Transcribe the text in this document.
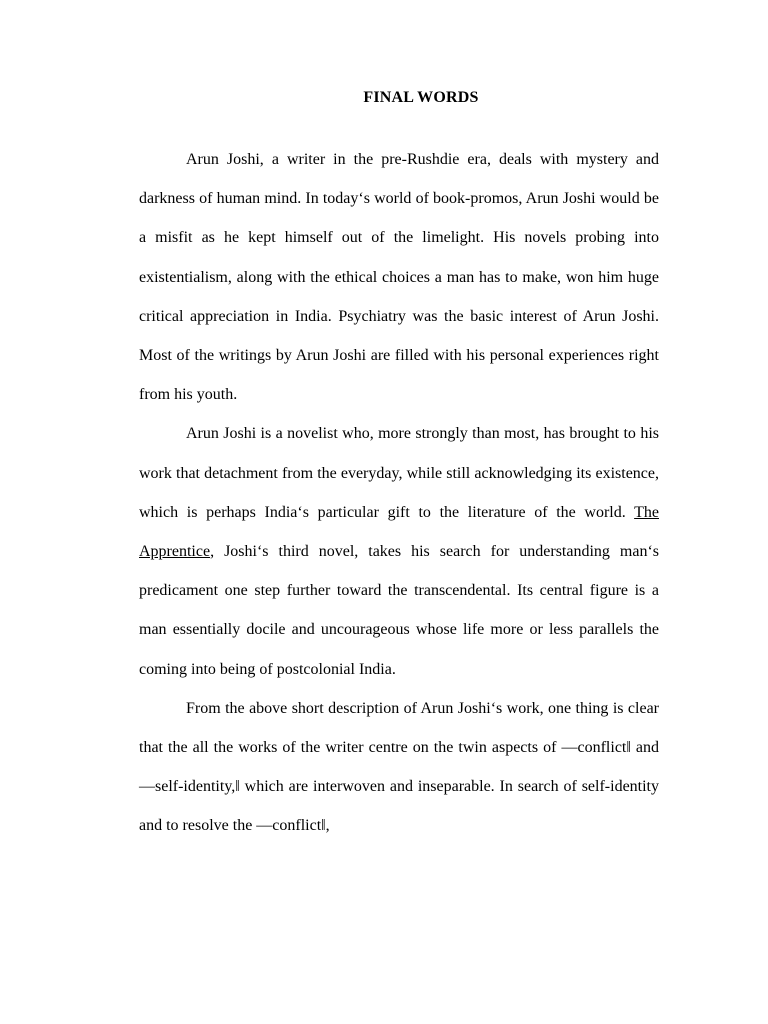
FINAL WORDS

Arun Joshi, a writer in the pre-Rushdie era, deals with mystery and darkness of human mind. In today‘s world of book-promos, Arun Joshi would be a misfit as he kept himself out of the limelight. His novels probing into existentialism, along with the ethical choices a man has to make, won him huge critical appreciation in India. Psychiatry was the basic interest of Arun Joshi. Most of the writings by Arun Joshi are filled with his personal experiences right from his youth.

Arun Joshi is a novelist who, more strongly than most, has brought to his work that detachment from the everyday, while still acknowledging its existence, which is perhaps India‘s particular gift to the literature of the world. The Apprentice, Joshi‘s third novel, takes his search for understanding man‘s predicament one step further toward the transcendental. Its central figure is a man essentially docile and uncourageous whose life more or less parallels the coming into being of postcolonial India.

From the above short description of Arun Joshi‘s work, one thing is clear that the all the works of the writer centre on the twin aspects of ―conflict‖ and ―self-identity,‖ which are interwoven and inseparable. In search of self-identity and to resolve the ―conflict‖,
